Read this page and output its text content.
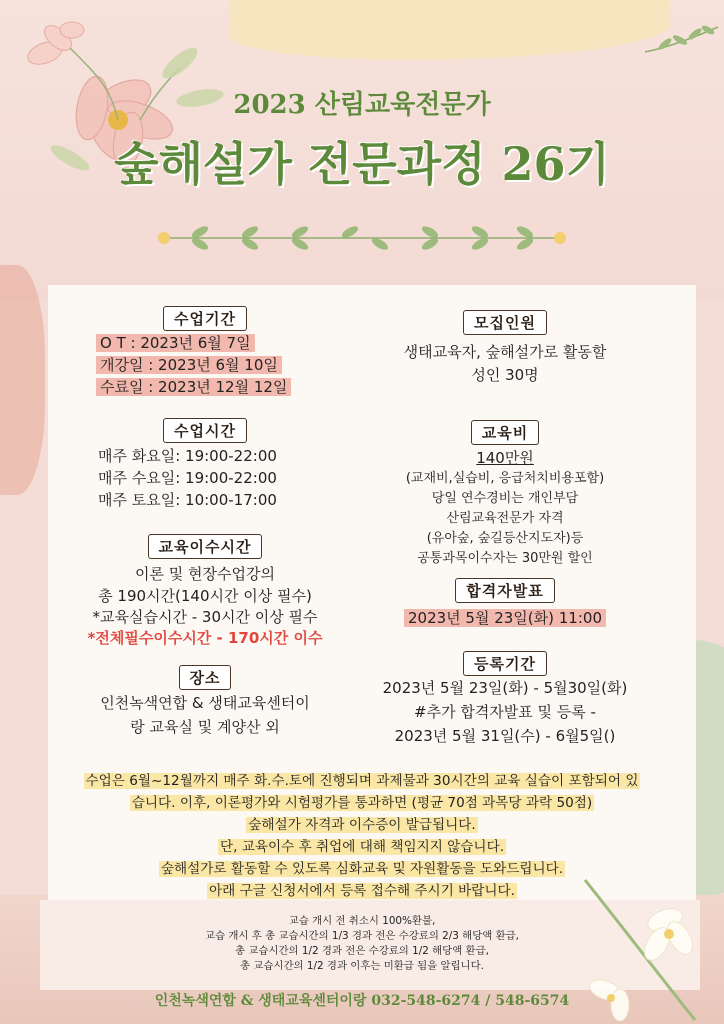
2023 산림교육전문가
숲해설가 전문과정 26기
수업기간
O T : 2023년 6월 7일
개강일 : 2023년 6월 10일
수료일 : 2023년 12월 12일
수업시간
매주 화요일: 19:00-22:00
매주 수요일: 19:00-22:00
매주 토요일: 10:00-17:00
교육이수시간
이론 및 현장수업강의
총 190시간(140시간 이상 필수)
*교육실습시간 - 30시간 이상 필수
*전체필수이수시간 - 170시간 이수
장소
인천녹색연합 & 생태교육센터이
랑 교육실 및 계양산 외
모집인원
생태교육자, 숲해설가로 활동할
성인 30명
교육비
140만원
(교재비,실습비, 응급처치비용포함)
당일 연수경비는 개인부담
산림교육전문가 자격
(유아숲, 숲길등산지도자)등
공통과목이수자는 30만원 할인
합격자발표
2023년 5월 23일(화) 11:00
등록기간
2023년 5월 23일(화) - 5월30일(화)
#추가 합격자발표 및 등록 -
2023년 5월 31일(수) - 6월5일()
수업은 6월~12월까지 매주 화.수.토에 진행되며 과제물과 30시간의 교육 실습이 포함되어 있
습니다. 이후, 이론평가와 시험평가를 통과하면 (평균 70점 과목당 과락 50점)
숲해설가 자격과 이수증이 발급됩니다.
단, 교육이수 후 취업에 대해 책임지지 않습니다.
숲해설가로 활동할 수 있도록 심화교육 및 자원활동을 도와드립니다.
아래 구글 신청서에서 등록 접수해 주시기 바랍니다.
교습 개시 전 취소시 100%환불,
교습 개시 후 총 교습시간의 1/3 경과 전은 수강료의 2/3 해당액 환급,
총 교습시간의 1/2 경과 전은 수강료의 1/2 해당액 환급,
총 교습시간의 1/2 경과 이후는 미환급 됨을 알립니다.
인천녹색연합 & 생태교육센터이랑 032-548-6274 / 548-6574
